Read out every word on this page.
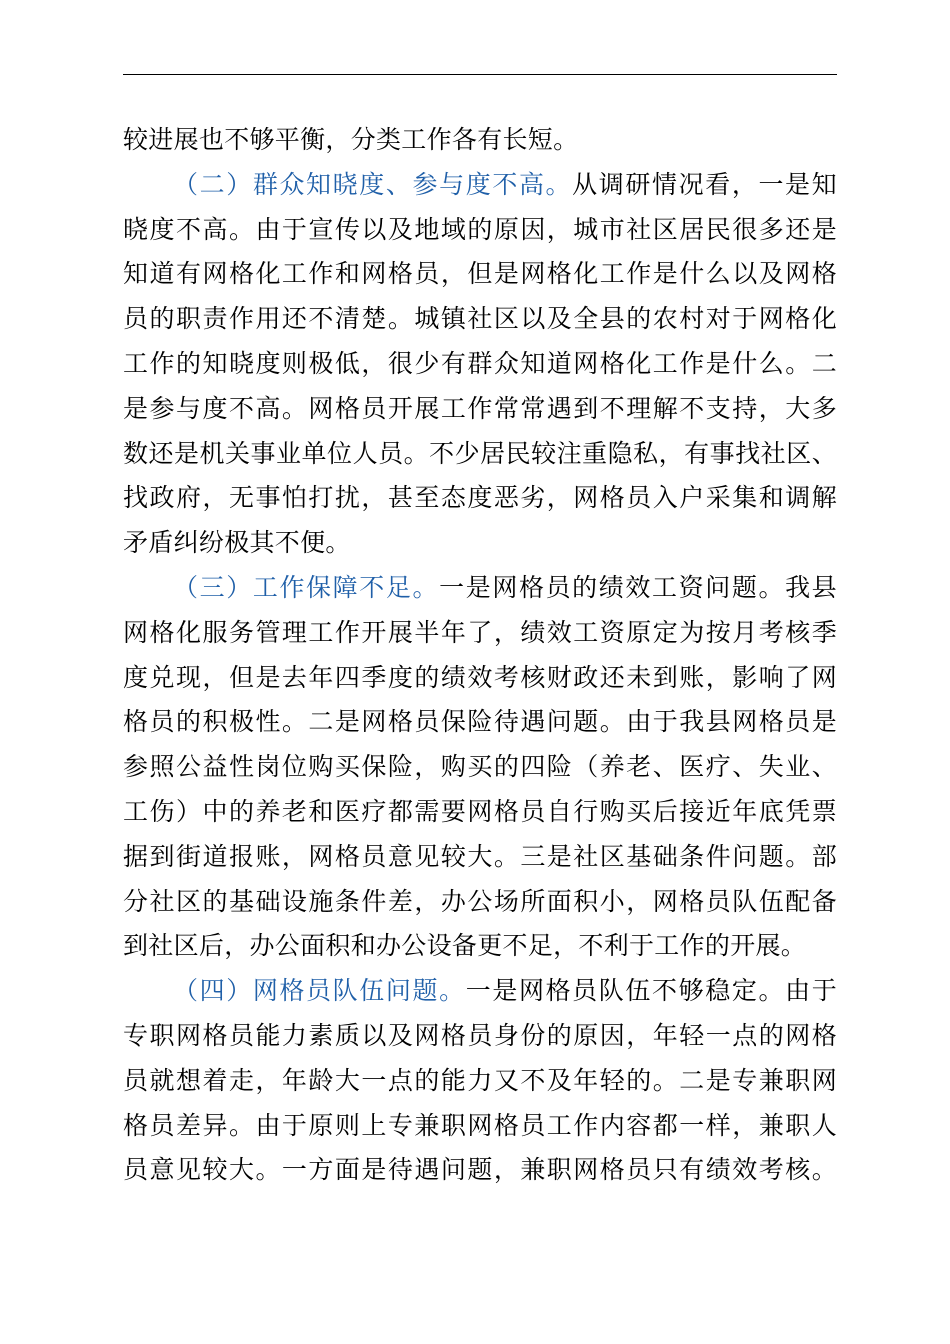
较进展也不够平衡，分类工作各有长短。
（二）群众知晓度、参与度不高。从调研情况看，一是知
晓度不高。由于宣传以及地域的原因，城市社区居民很多还是
知道有网格化工作和网格员，但是网格化工作是什么以及网格
员的职责作用还不清楚。城镇社区以及全县的农村对于网格化
工作的知晓度则极低，很少有群众知道网格化工作是什么。二
是参与度不高。网格员开展工作常常遇到不理解不支持，大多
数还是机关事业单位人员。不少居民较注重隐私，有事找社区、
找政府，无事怕打扰，甚至态度恶劣，网格员入户采集和调解
矛盾纠纷极其不便。
（三）工作保障不足。一是网格员的绩效工资问题。我县
网格化服务管理工作开展半年了，绩效工资原定为按月考核季
度兑现，但是去年四季度的绩效考核财政还未到账，影响了网
格员的积极性。二是网格员保险待遇问题。由于我县网格员是
参照公益性岗位购买保险，购买的四险（养老、医疗、失业、
工伤）中的养老和医疗都需要网格员自行购买后接近年底凭票
据到街道报账，网格员意见较大。三是社区基础条件问题。部
分社区的基础设施条件差，办公场所面积小，网格员队伍配备
到社区后，办公面积和办公设备更不足，不利于工作的开展。
（四）网格员队伍问题。一是网格员队伍不够稳定。由于
专职网格员能力素质以及网格员身份的原因，年轻一点的网格
员就想着走，年龄大一点的能力又不及年轻的。二是专兼职网
格员差异。由于原则上专兼职网格员工作内容都一样，兼职人
员意见较大。一方面是待遇问题，兼职网格员只有绩效考核。
